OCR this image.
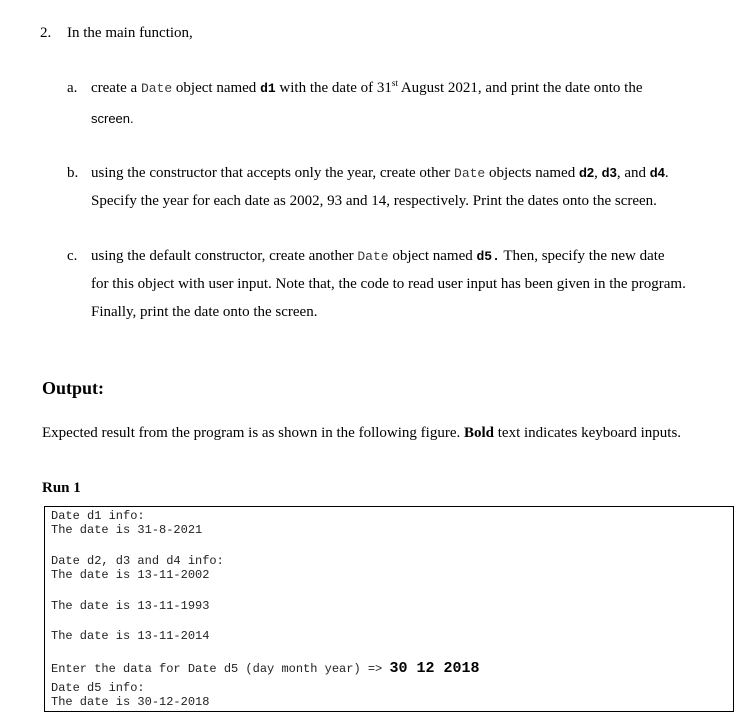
2. In the main function,
a. create a Date object named d1 with the date of 31st August 2021, and print the date onto the
screen.
b. using the constructor that accepts only the year, create other Date objects named d2, d3, and d4.
Specify the year for each date as 2002, 93 and 14, respectively. Print the dates onto the screen.
c. using the default constructor, create another Date object named d5. Then, specify the new date
for this object with user input. Note that, the code to read user input has been given in the program.
Finally, print the date onto the screen.
Output:
Expected result from the program is as shown in the following figure. Bold text indicates keyboard inputs.
Run 1
Date d1 info:
The date is 31-8-2021
Date d2, d3 and d4 info:
The date is 13-11-2002
The date is 13-11-1993
The date is 13-11-2014
Enter the data for Date d5 (day month year) => 30 12 2018
Date d5 info:
The date is 30-12-2018
